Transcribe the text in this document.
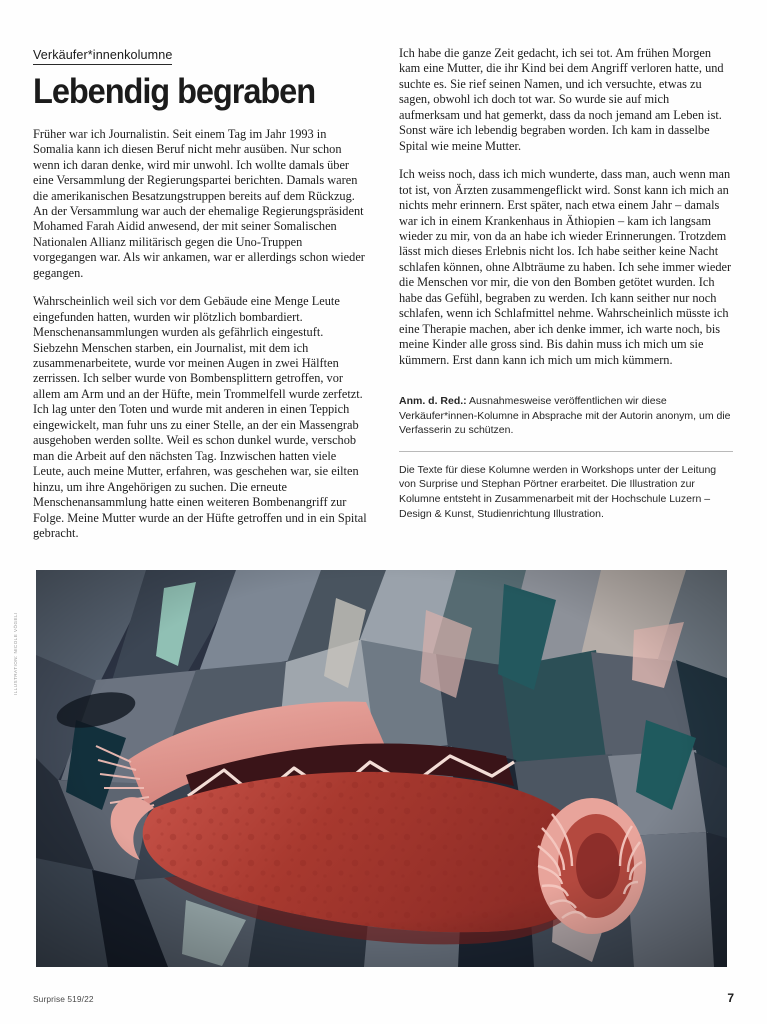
ILLUSTRATION: NICOLE VÖGELI
Verkäufer*innenkolumne
Lebendig begraben

Früher war ich Journalistin. Seit einem Tag im Jahr 1993 in Somalia kann ich diesen Beruf nicht mehr ausüben. Nur schon wenn ich daran denke, wird mir unwohl. Ich wollte damals über eine Versammlung der Regierungspartei berichten. Damals waren die amerikanischen Besatzungstruppen bereits auf dem Rückzug. An der Versammlung war auch der ehemalige Regierungspräsident Mohamed Farah Aidid anwesend, der mit seiner Somalischen Nationalen Allianz militärisch gegen die Uno-Truppen vorgegangen war. Als wir ankamen, war er allerdings schon wieder gegangen.

Wahrscheinlich weil sich vor dem Gebäude eine Menge Leute eingefunden hatten, wurden wir plötzlich bombardiert. Menschenansammlungen wurden als gefährlich eingestuft. Siebzehn Menschen starben, ein Journalist, mit dem ich zusammenarbeitete, wurde vor meinen Augen in zwei Hälften zerrissen. Ich selber wurde von Bombensplittern getroffen, vor allem am Arm und an der Hüfte, mein Trommelfell wurde zerfetzt. Ich lag unter den Toten und wurde mit anderen in einen Teppich eingewickelt, man fuhr uns zu einer Stelle, an der ein Massengrab ausgehoben werden sollte. Weil es schon dunkel wurde, verschob man die Arbeit auf den nächsten Tag. Inzwischen hatten viele Leute, auch meine Mutter, erfahren, was geschehen war, sie eilten hinzu, um ihre Angehörigen zu suchen. Die erneute Menschenansammlung hatte einen weiteren Bombenangriff zur Folge. Meine Mutter wurde an der Hüfte getroffen und in ein Spital gebracht.

Ich habe die ganze Zeit gedacht, ich sei tot. Am frühen Morgen kam eine Mutter, die ihr Kind bei dem Angriff verloren hatte, und suchte es. Sie rief seinen Namen, und ich versuchte, etwas zu sagen, obwohl ich doch tot war. So wurde sie auf mich aufmerksam und hat gemerkt, dass da noch jemand am Leben ist. Sonst wäre ich lebendig begraben worden. Ich kam in dasselbe Spital wie meine Mutter.

Ich weiss noch, dass ich mich wunderte, dass man, auch wenn man tot ist, von Ärzten zusammengeflickt wird. Sonst kann ich mich an nichts mehr erinnern. Erst später, nach etwa einem Jahr – damals war ich in einem Krankenhaus in Äthiopien – kam ich langsam wieder zu mir, von da an habe ich wieder Erinnerungen. Trotzdem lässt mich dieses Erlebnis nicht los. Ich habe seither keine Nacht schlafen können, ohne Albträume zu haben. Ich sehe immer wieder die Menschen vor mir, die von den Bomben getötet wurden. Ich habe das Gefühl, begraben zu werden. Ich kann seither nur noch schlafen, wenn ich Schlafmittel nehme. Wahrscheinlich müsste ich eine Therapie machen, aber ich denke immer, ich warte noch, bis meine Kinder alle gross sind. Bis dahin muss ich mich um sie kümmern. Erst dann kann ich mich um mich kümmern.

Anm. d. Red.: Ausnahmesweise veröffentlichen wir diese Verkäufer*innen-Kolumne in Absprache mit der Autorin anonym, um die Verfasserin zu schützen.

Die Texte für diese Kolumne werden in Workshops unter der Leitung von Surprise und Stephan Pörtner erarbeitet. Die Illustration zur Kolumne entsteht in Zusammenarbeit mit der Hochschule Luzern – Design & Kunst, Studienrichtung Illustration.

Surprise 519/22	7
